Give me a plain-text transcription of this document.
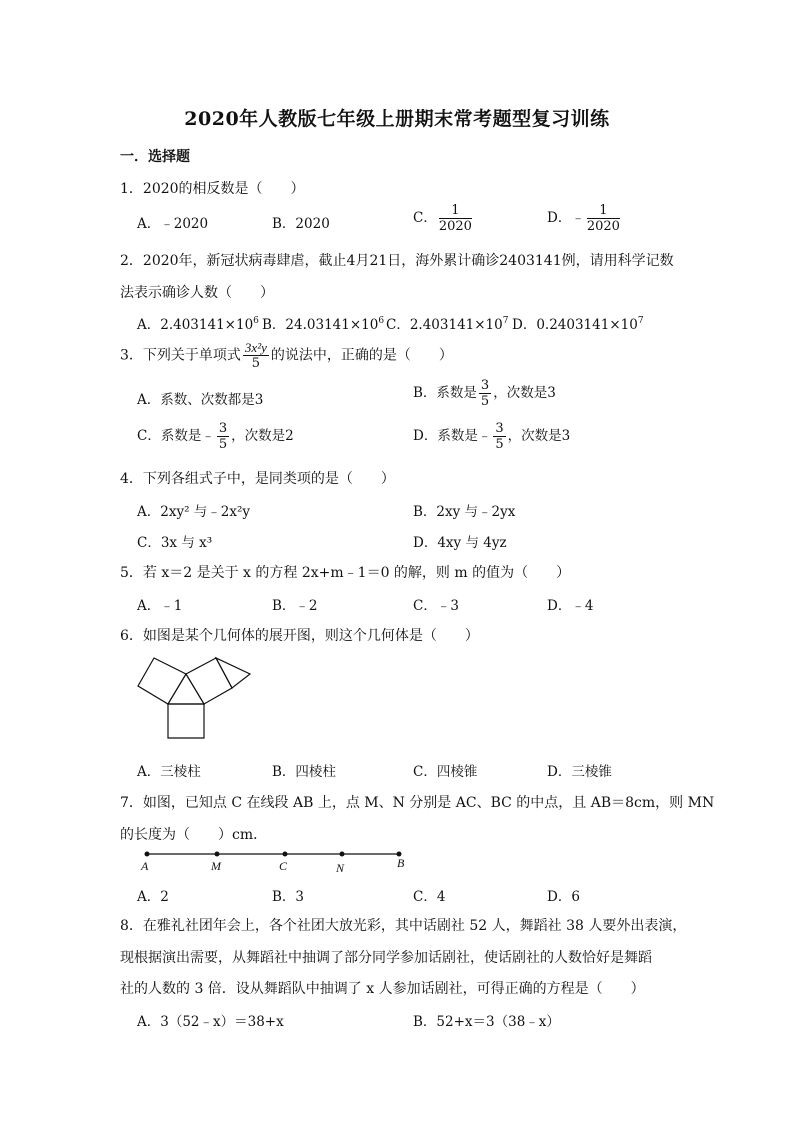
2020年人教版七年级上册期末常考题型复习训练
一．选择题
1．2020的相反数是（　　）
A．﹣2020	B．2020	C． $\frac{1}{2020}$	D．﹣ $\frac{1}{2020}$
2．2020年，新冠状病毒肆虐，截止4月21日，海外累计确诊2403141例，请用科学记数
法表示确诊人数（　　）
A．$2.403141\times 10^6$ B．$24.03141\times 10^6$ C．$2.403141\times 10^7$ D．$0.2403141\times 10^7$
3．下列关于单项式 $\frac{\text{3x²y}}{5}$ 的说法中，正确的是（　　）
A．系数、次数都是3	B．系数是 $\frac{3}{5}$ ，次数是3
C．系数是﹣ $\frac{3}{5}$ ，次数是2	D．系数是﹣ $\frac{3}{5}$ ，次数是3
4．下列各组式子中，是同类项的是（　　）
A．2xy² 与﹣2x²y	B．2xy 与﹣2yx
C．3x 与 x³	D．4xy 与 4yz
5．若 x＝2 是关于 x 的方程 2x+m﹣1＝0 的解，则 m 的值为（　　）
A．﹣1	B．﹣2	C．﹣3	D．﹣4
6．如图是某个几何体的展开图，则这个几何体是（　　）
A．三棱柱	B．四棱柱	C．四棱锥	D．三棱锥
7．如图，已知点 C 在线段 AB 上，点 M、N 分别是 AC、BC 的中点，且 AB＝8cm，则 MN
的长度为（　　）cm．
A	M	C	N	B
A．2	B．3	C．4	D．6
8．在雅礼社团年会上，各个社团大放光彩，其中话剧社 52 人，舞蹈社 38 人要外出表演，
现根据演出需要，从舞蹈社中抽调了部分同学参加话剧社，使话剧社的人数恰好是舞蹈
社的人数的 3 倍．设从舞蹈队中抽调了 x 人参加话剧社，可得正确的方程是（　　）
A．3（52﹣x）＝38+x	B．52+x＝3（38﹣x）
